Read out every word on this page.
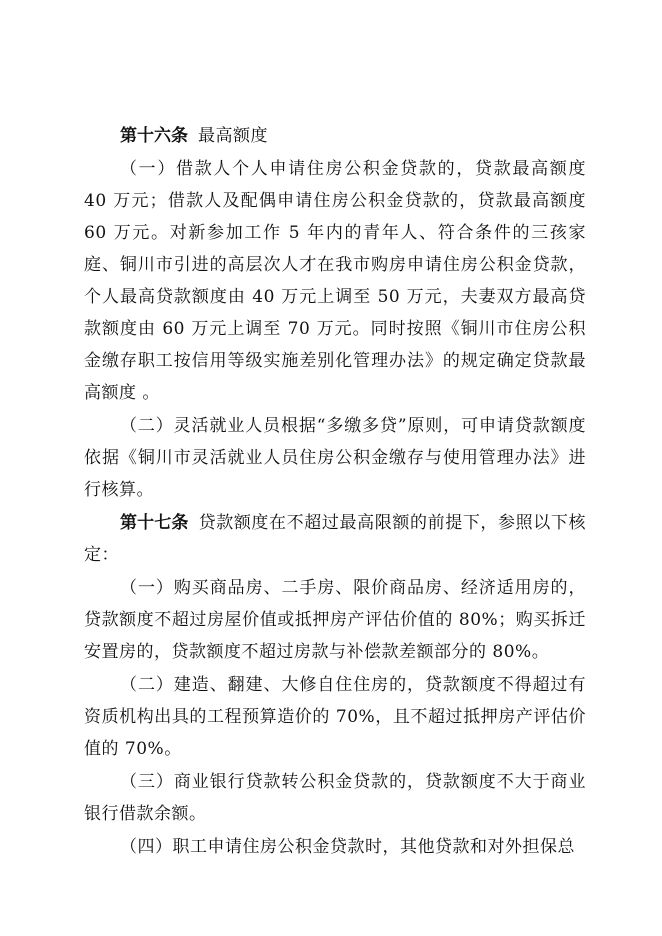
第十六条 最高额度

（一）借款人个人申请住房公积金贷款的，贷款最高额度 40 万元；借款人及配偶申请住房公积金贷款的，贷款最高额度 60 万元。对新参加工作 5 年内的青年人、符合条件的三孩家庭、铜川市引进的高层次人才在我市购房申请住房公积金贷款，个人最高贷款额度由 40 万元上调至 50 万元，夫妻双方最高贷款额度由 60 万元上调至 70 万元。同时按照《铜川市住房公积金缴存职工按信用等级实施差别化管理办法》的规定确定贷款最高额度 。

（二）灵活就业人员根据“多缴多贷”原则，可申请贷款额度依据《铜川市灵活就业人员住房公积金缴存与使用管理办法》进行核算。

第十七条 贷款额度在不超过最高限额的前提下，参照以下核定：

（一）购买商品房、二手房、限价商品房、经济适用房的，贷款额度不超过房屋价值或抵押房产评估价值的 80%；购买拆迁安置房的，贷款额度不超过房款与补偿款差额部分的 80%。

（二）建造、翻建、大修自住住房的，贷款额度不得超过有资质机构出具的工程预算造价的 70%，且不超过抵押房产评估价值的 70%。

（三）商业银行贷款转公积金贷款的，贷款额度不大于商业银行借款余额。

（四）职工申请住房公积金贷款时，其他贷款和对外担保总
